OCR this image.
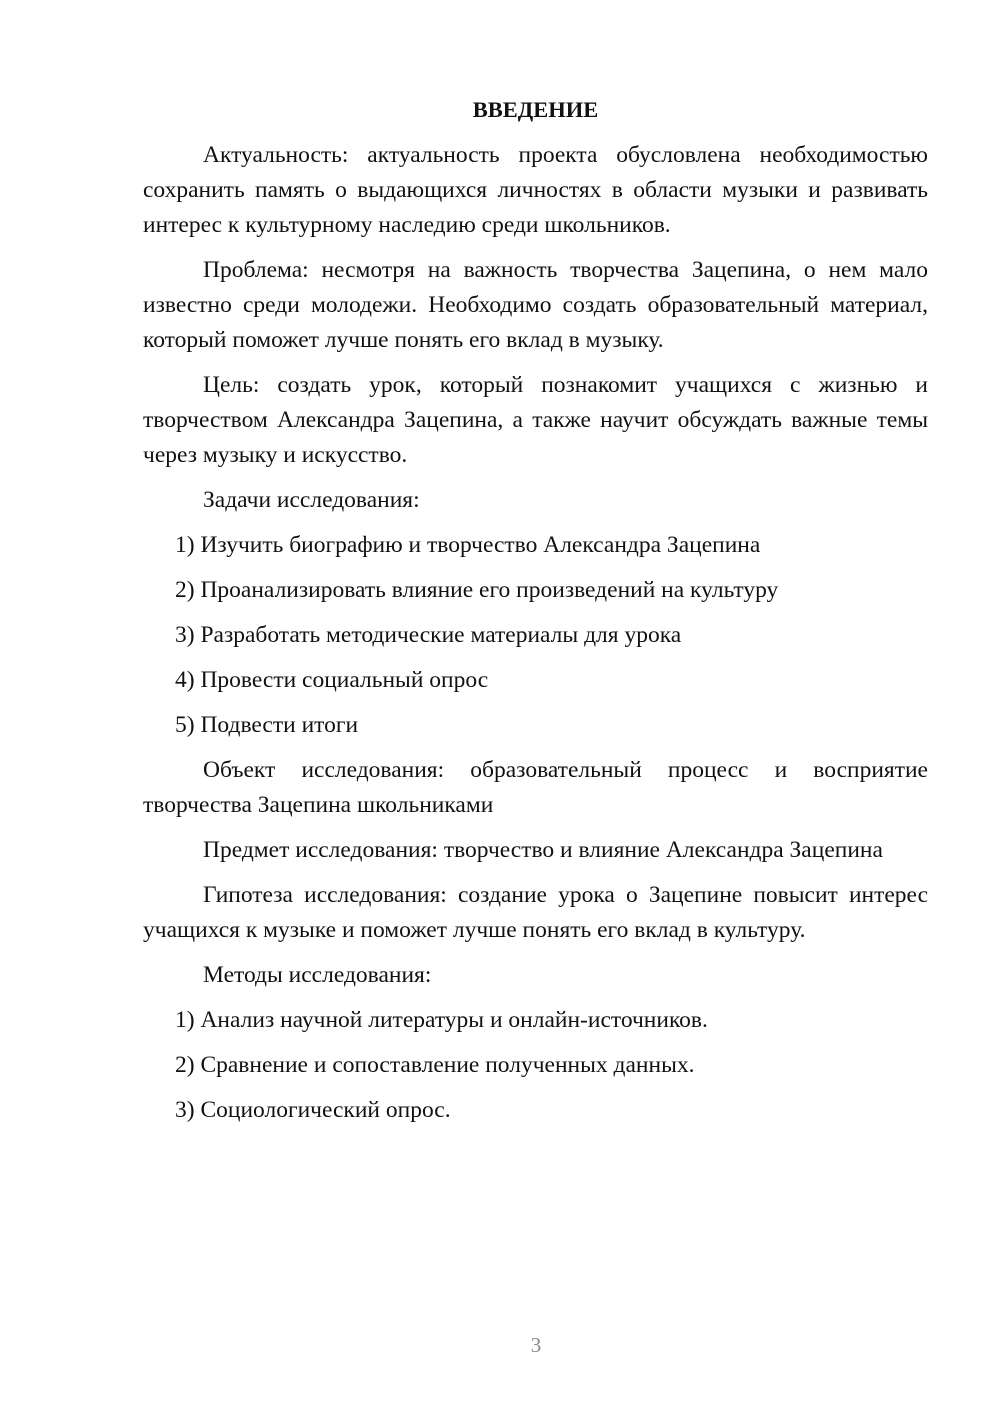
ВВЕДЕНИЕ

Актуальность: актуальность проекта обусловлена необходимостью сохранить память о выдающихся личностях в области музыки и развивать интерес к культурному наследию среди школьников.

Проблема: несмотря на важность творчества Зацепина, о нем мало известно среди молодежи. Необходимо создать образовательный материал, который поможет лучше понять его вклад в музыку.

Цель: создать урок, который познакомит учащихся с жизнью и творчеством Александра Зацепина, а также научит обсуждать важные темы через музыку и искусство.

Задачи исследования:

1) Изучить биографию и творчество Александра Зацепина
2) Проанализировать влияние его произведений на культуру
3) Разработать методические материалы для урока
4) Провести социальный опрос
5) Подвести итоги

Объект исследования: образовательный процесс и восприятие творчества Зацепина школьниками

Предмет исследования: творчество и влияние Александра Зацепина

Гипотеза исследования: создание урока о Зацепине повысит интерес учащихся к музыке и поможет лучше понять его вклад в культуру.

Методы исследования:

1) Анализ научной литературы и онлайн-источников.
2) Сравнение и сопоставление полученных данных.
3) Социологический опрос.
3
